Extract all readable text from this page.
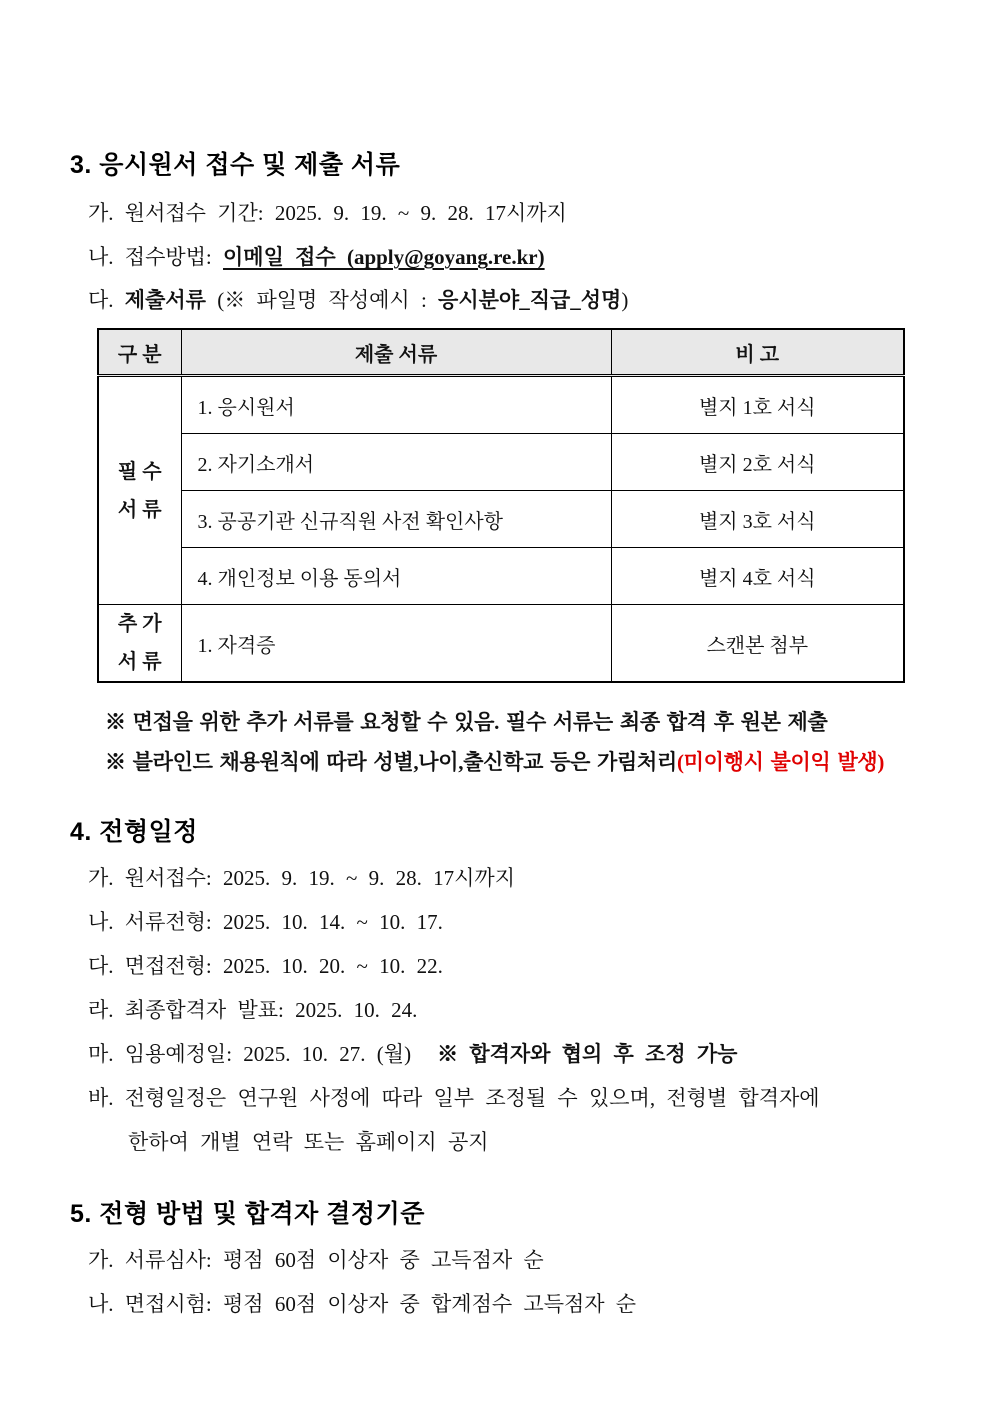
3. 응시원서 접수 및 제출 서류

가. 원서접수 기간: 2025. 9. 19. ~ 9. 28. 17시까지

나. 접수방법: 이메일 접수 (apply@goyang.re.kr)

다. 제출서류 (※ 파일명 작성예시 : 응시분야_직급_성명)

구 분	제출 서류	비 고
필 수
서 류	1. 응시원서	별지 1호 서식
	2. 자기소개서	별지 2호 서식
	3. 공공기관 신규직원 사전 확인사항	별지 3호 서식
	4. 개인정보 이용 동의서	별지 4호 서식
추 가
서 류	1. 자격증	스캔본 첨부

※ 면접을 위한 추가 서류를 요청할 수 있음. 필수 서류는 최종 합격 후 원본 제출

※ 블라인드 채용원칙에 따라 성별,나이,출신학교 등은 가림처리(미이행시 불이익 발생)

4. 전형일정

가. 원서접수: 2025. 9. 19. ~ 9. 28. 17시까지

나. 서류전형: 2025. 10. 14. ~ 10. 17.

다. 면접전형: 2025. 10. 20. ~ 10. 22.

라. 최종합격자 발표: 2025. 10. 24.

마. 임용예정일: 2025. 10. 27. (월) ※ 합격자와 협의 후 조정 가능

바. 전형일정은 연구원 사정에 따라 일부 조정될 수 있으며, 전형별 합격자에
한하여 개별 연락 또는 홈페이지 공지

5. 전형 방법 및 합격자 결정기준

가. 서류심사: 평점 60점 이상자 중 고득점자 순

나. 면접시험: 평점 60점 이상자 중 합계점수 고득점자 순
